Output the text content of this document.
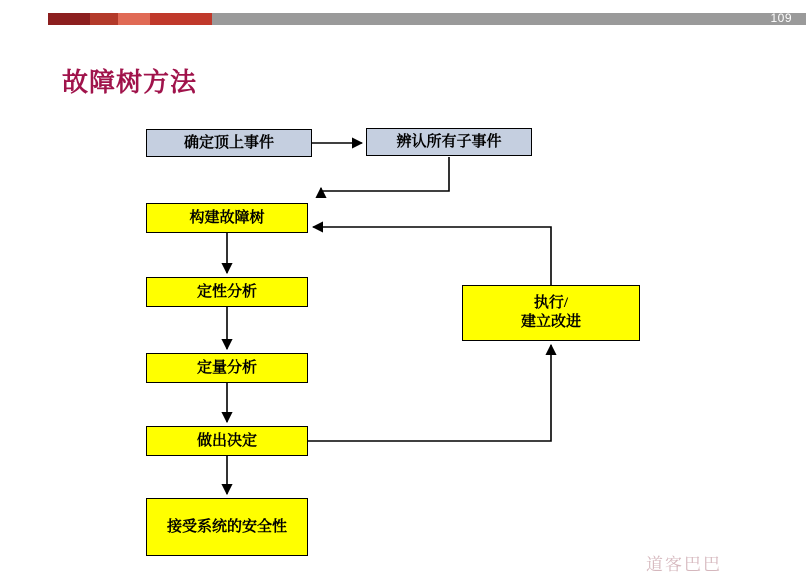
109
故障树方法
确定顶上事件	辨认所有子事件
构建故障树
定性分析
定量分析
做出决定
接受系统的安全性
执行/
建立改进
道客巴巴
